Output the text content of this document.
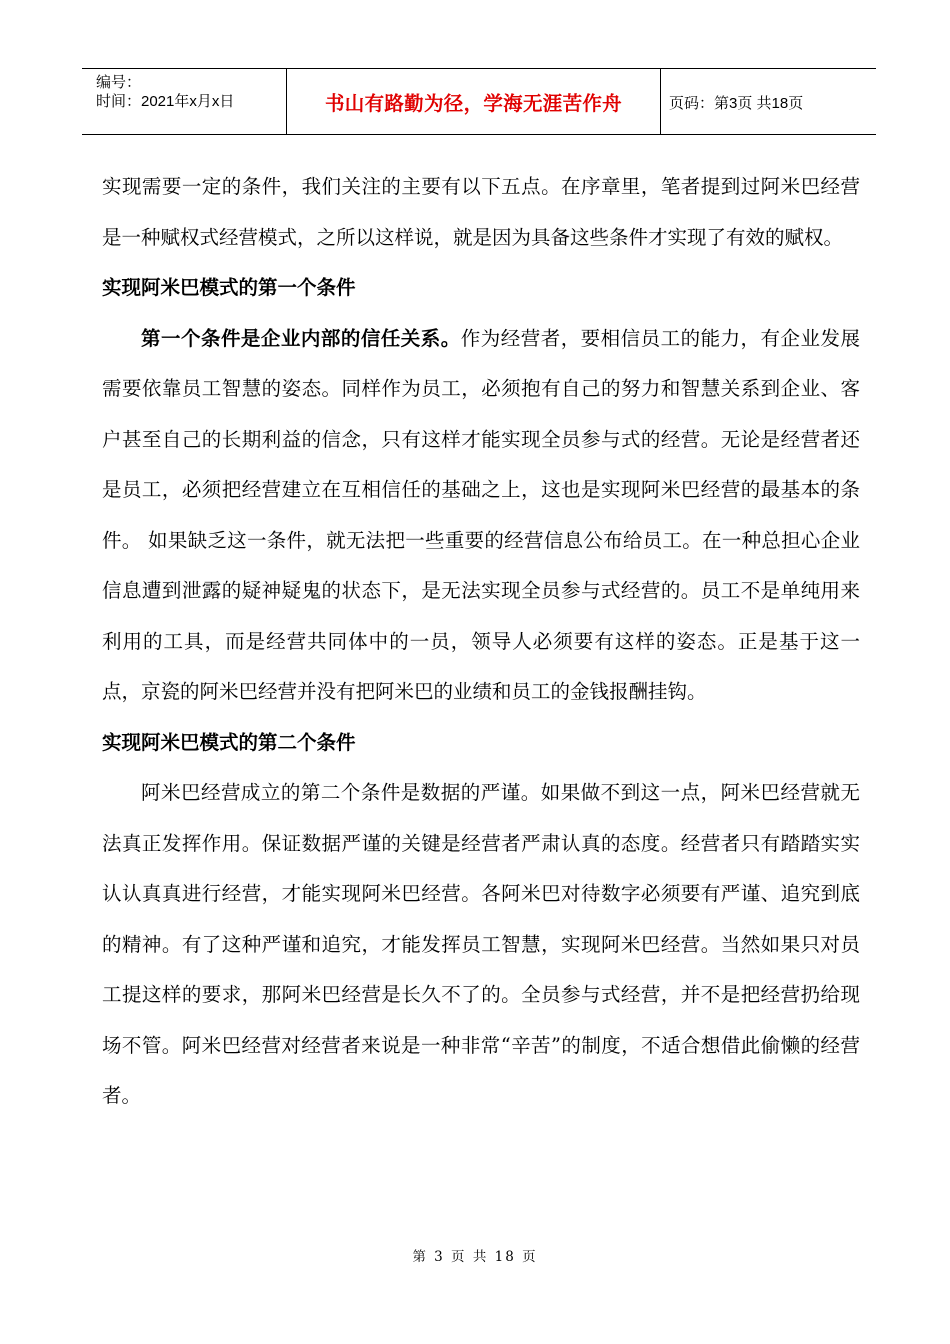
编号：
时间：2021年x月x日	书山有路勤为径，学海无涯苦作舟	页码：第3页 共18页

实现需要一定的条件，我们关注的主要有以下五点。在序章里，笔者提到过阿米巴经营是一种赋权式经营模式，之所以这样说，就是因为具备这些条件才实现了有效的赋权。

实现阿米巴模式的第一个条件

第一个条件是企业内部的信任关系。作为经营者，要相信员工的能力，有企业发展需要依靠员工智慧的姿态。同样作为员工，必须抱有自己的努力和智慧关系到企业、客户甚至自己的长期利益的信念，只有这样才能实现全员参与式的经营。无论是经营者还是员工，必须把经营建立在互相信任的基础之上，这也是实现阿米巴经营的最基本的条件。 如果缺乏这一条件，就无法把一些重要的经营信息公布给员工。在一种总担心企业信息遭到泄露的疑神疑鬼的状态下，是无法实现全员参与式经营的。员工不是单纯用来利用的工具，而是经营共同体中的一员，领导人必须要有这样的姿态。正是基于这一点，京瓷的阿米巴经营并没有把阿米巴的业绩和员工的金钱报酬挂钩。

实现阿米巴模式的第二个条件

阿米巴经营成立的第二个条件是数据的严谨。如果做不到这一点，阿米巴经营就无法真正发挥作用。保证数据严谨的关键是经营者严肃认真的态度。经营者只有踏踏实实认认真真进行经营，才能实现阿米巴经营。各阿米巴对待数字必须要有严谨、追究到底的精神。有了这种严谨和追究，才能发挥员工智慧，实现阿米巴经营。当然如果只对员工提这样的要求，那阿米巴经营是长久不了的。全员参与式经营，并不是把经营扔给现场不管。阿米巴经营对经营者来说是一种非常“辛苦”的制度，不适合想借此偷懒的经营者。

第 3 页 共 18 页
